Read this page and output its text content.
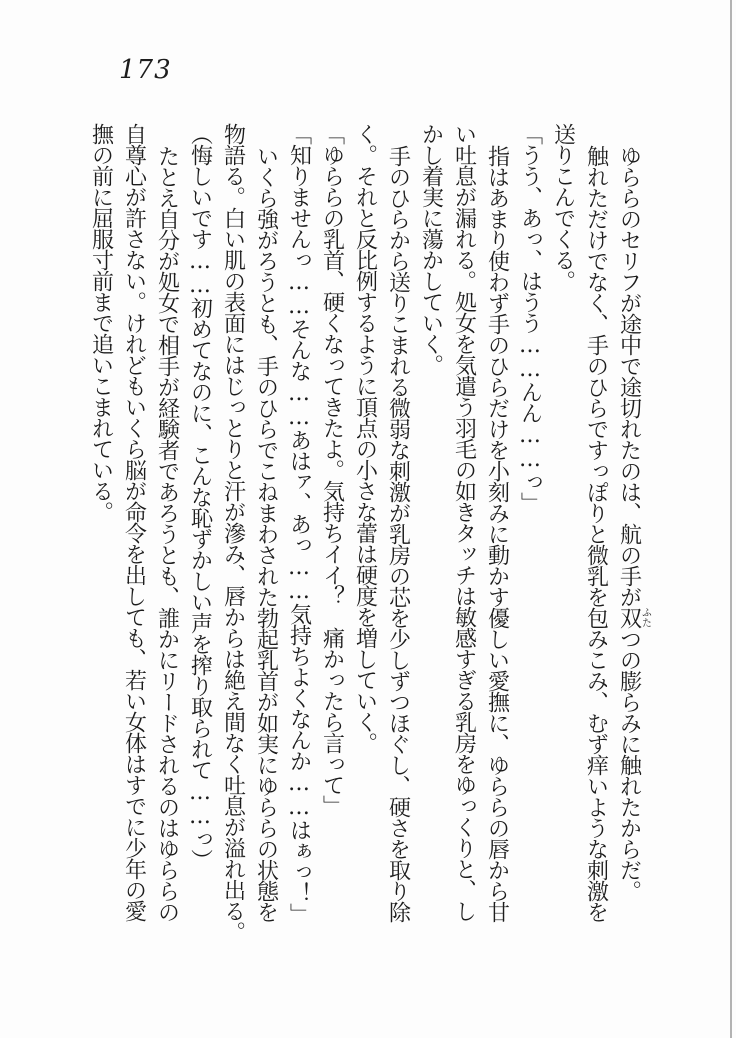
173

ゆららのセリフが途中で途切れたのは、航の手が双ふたつの膨らみに触れたからだ。

触れただけでなく、手のひらですっぽりと微乳を包みこみ、むず痒いような刺激を

送りこんでくる。

「うう、あっ、はうう……んん……っ」

指はあまり使わず手のひらだけを小刻みに動かす優しい愛撫に、ゆららの唇から甘

い吐息が漏れる。処女を気遣う羽毛の如きタッチは敏感すぎる乳房をゆっくりと、し

かし着実に蕩かしていく。

手のひらから送りこまれる微弱な刺激が乳房の芯を少しずつほぐし、硬さを取り除

く。それと反比例するように頂点の小さな蕾は硬度を増していく。

「ゆららの乳首、硬くなってきたよ。気持ちイイ？　痛かったら言って」

「知りませんっ……そんな……あはァ、あっ……気持ちよくなんか……はぁっ！」

いくら強がろうとも、手のひらでこねまわされた勃起乳首が如実にゆららの状態を

物語る。白い肌の表面にはじっとりと汗が滲み、唇からは絶え間なく吐息が溢れ出る。

（悔しいです……初めてなのに、こんな恥ずかしい声を搾り取られて……っ）

たとえ自分が処女で相手が経験者であろうとも、誰かにリードされるのはゆららの

自尊心が許さない。けれどもいくら脳が命令を出しても、若い女体はすでに少年の愛

撫の前に屈服寸前まで追いこまれている。
